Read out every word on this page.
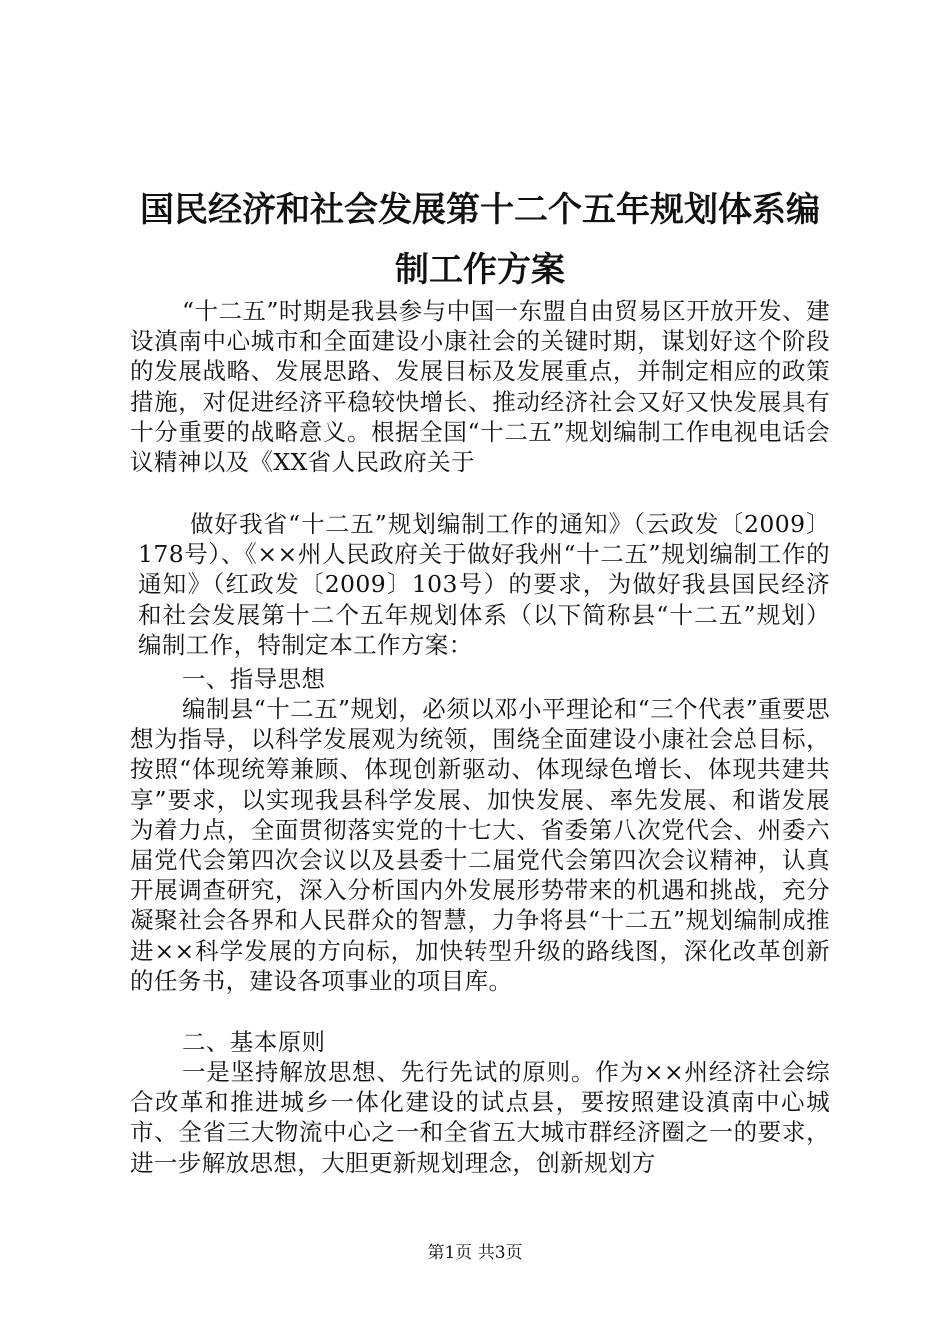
国民经济和社会发展第十二个五年规划体系编
制工作方案

“十二五”时期是我县参与中国一东盟自由贸易区开放开发、建设滇南中心城市和全面建设小康社会的关键时期，谋划好这个阶段的发展战略、发展思路、发展目标及发展重点，并制定相应的政策措施，对促进经济平稳较快增长、推动经济社会又好又快发展具有十分重要的战略意义。根据全国“十二五”规划编制工作电视电话会议精神以及《XX省人民政府关于

做好我省“十二五”规划编制工作的通知》（云政发〔2009〕178号）、《××州人民政府关于做好我州“十二五”规划编制工作的通知》（红政发〔2009〕103号）的要求，为做好我县国民经济和社会发展第十二个五年规划体系（以下简称县“十二五”规划）编制工作，特制定本工作方案：

一、指导思想

编制县“十二五”规划，必须以邓小平理论和“三个代表”重要思想为指导，以科学发展观为统领，围绕全面建设小康社会总目标，按照“体现统筹兼顾、体现创新驱动、体现绿色增长、体现共建共享”要求，以实现我县科学发展、加快发展、率先发展、和谐发展为着力点，全面贯彻落实党的十七大、省委第八次党代会、州委六届党代会第四次会议以及县委十二届党代会第四次会议精神，认真开展调查研究，深入分析国内外发展形势带来的机遇和挑战，充分凝聚社会各界和人民群众的智慧，力争将县“十二五”规划编制成推进××科学发展的方向标，加快转型升级的路线图，深化改革创新的任务书，建设各项事业的项目库。

二、基本原则

一是坚持解放思想、先行先试的原则。作为××州经济社会综合改革和推进城乡一体化建设的试点县，要按照建设滇南中心城市、全省三大物流中心之一和全省五大城市群经济圈之一的要求，进一步解放思想，大胆更新规划理念，创新规划方

第1页 共3页
